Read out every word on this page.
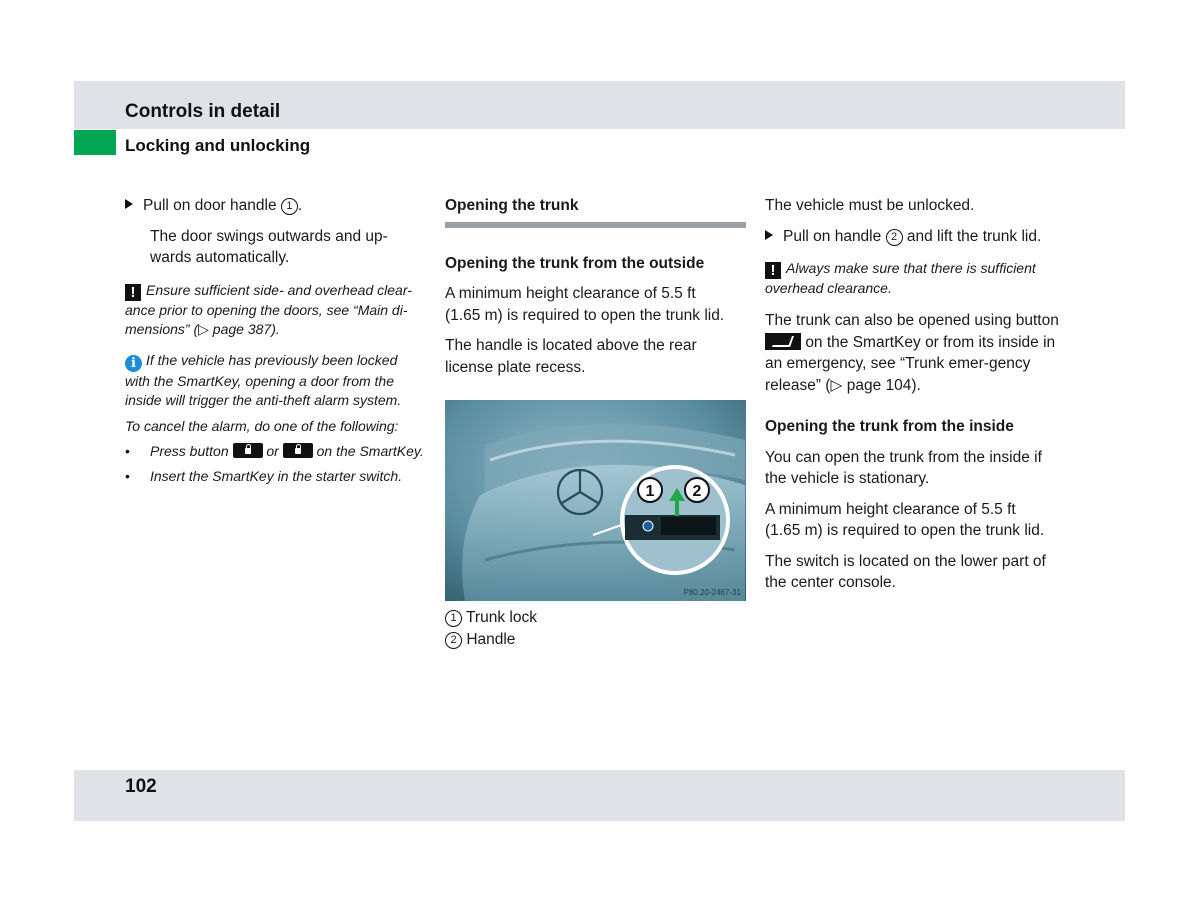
Controls in detail
Locking and unlocking

Pull on door handle 1 .

The door swings outwards and up-wards automatically.

! Ensure sufficient side- and overhead clear-ance prior to opening the doors, see “Main di-mensions” (▷ page 387).

i If the vehicle has previously been locked with the SmartKey, opening a door from the inside will trigger the anti-theft alarm system.

To cancel the alarm, do one of the following:

• Press button	or	on the SmartKey.
• Insert the SmartKey in the starter switch.

Opening the trunk

Opening the trunk from the outside

A minimum height clearance of 5.5 ft (1.65 m) is required to open the trunk lid.

The handle is located above the rear license plate recess.

1 2
P80.20-2467-31

1 Trunk lock

2 Handle

The vehicle must be unlocked.

Pull on handle 2 and lift the trunk lid.

! Always make sure that there is sufficient overhead clearance.

The trunk can also be opened using button  on the SmartKey or from its inside in an emergency, see “Trunk emer-gency release” (▷ page 104).

Opening the trunk from the inside

You can open the trunk from the inside if the vehicle is stationary.

A minimum height clearance of 5.5 ft (1.65 m) is required to open the trunk lid.

The switch is located on the lower part of the center console.

102
